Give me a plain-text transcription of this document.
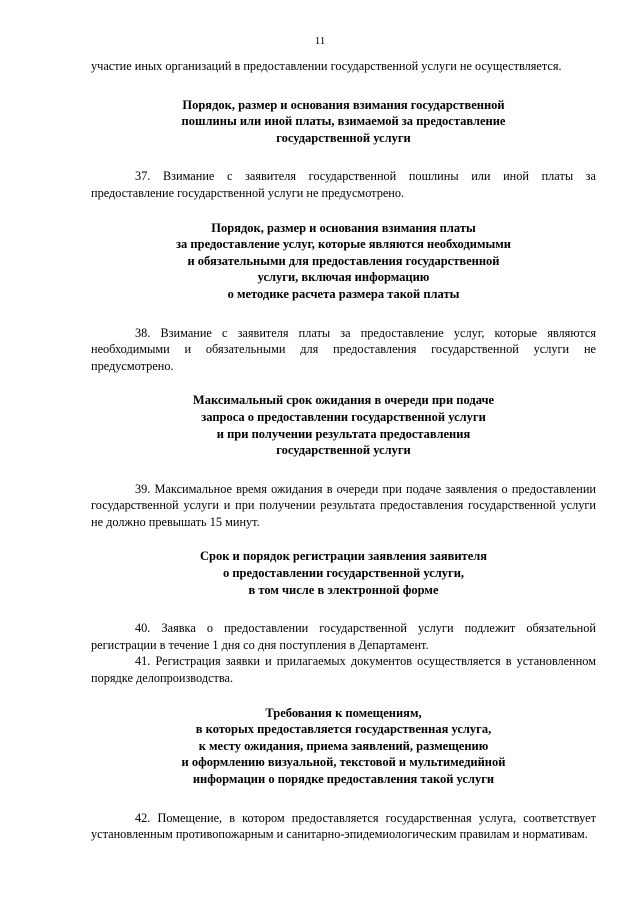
11

участие иных организаций в предоставлении государственной услуги не осуществляется.

Порядок, размер и основания взимания государственной
пошлины или иной платы, взимаемой за предоставление
государственной услуги

37. Взимание с заявителя государственной пошлины или иной платы за предоставление государственной услуги не предусмотрено.

Порядок, размер и основания взимания платы
за предоставление услуг, которые являются необходимыми
и обязательными для предоставления государственной
услуги, включая информацию
о методике расчета размера такой платы

38. Взимание с заявителя платы за предоставление услуг, которые являются необходимыми и обязательными для предоставления государственной услуги не предусмотрено.

Максимальный срок ожидания в очереди при подаче
запроса о предоставлении государственной услуги
и при получении результата предоставления
государственной услуги

39. Максимальное время ожидания в очереди при подаче заявления о предоставлении государственной услуги и при получении результата предоставления государственной услуги не должно превышать 15 минут.

Срок и порядок регистрации заявления заявителя
о предоставлении государственной услуги,
в том числе в электронной форме

40. Заявка о предоставлении государственной услуги подлежит обязательной регистрации в течение 1 дня со дня поступления в Департамент.

41. Регистрация заявки и прилагаемых документов осуществляется в установленном порядке делопроизводства.

Требования к помещениям,
в которых предоставляется государственная услуга,
к месту ожидания, приема заявлений, размещению
и оформлению визуальной, текстовой и мультимедийной
информации о порядке предоставления такой услуги

42. Помещение, в котором предоставляется государственная услуга, соответствует установленным противопожарным и санитарно-эпидемиологическим правилам и нормативам.
